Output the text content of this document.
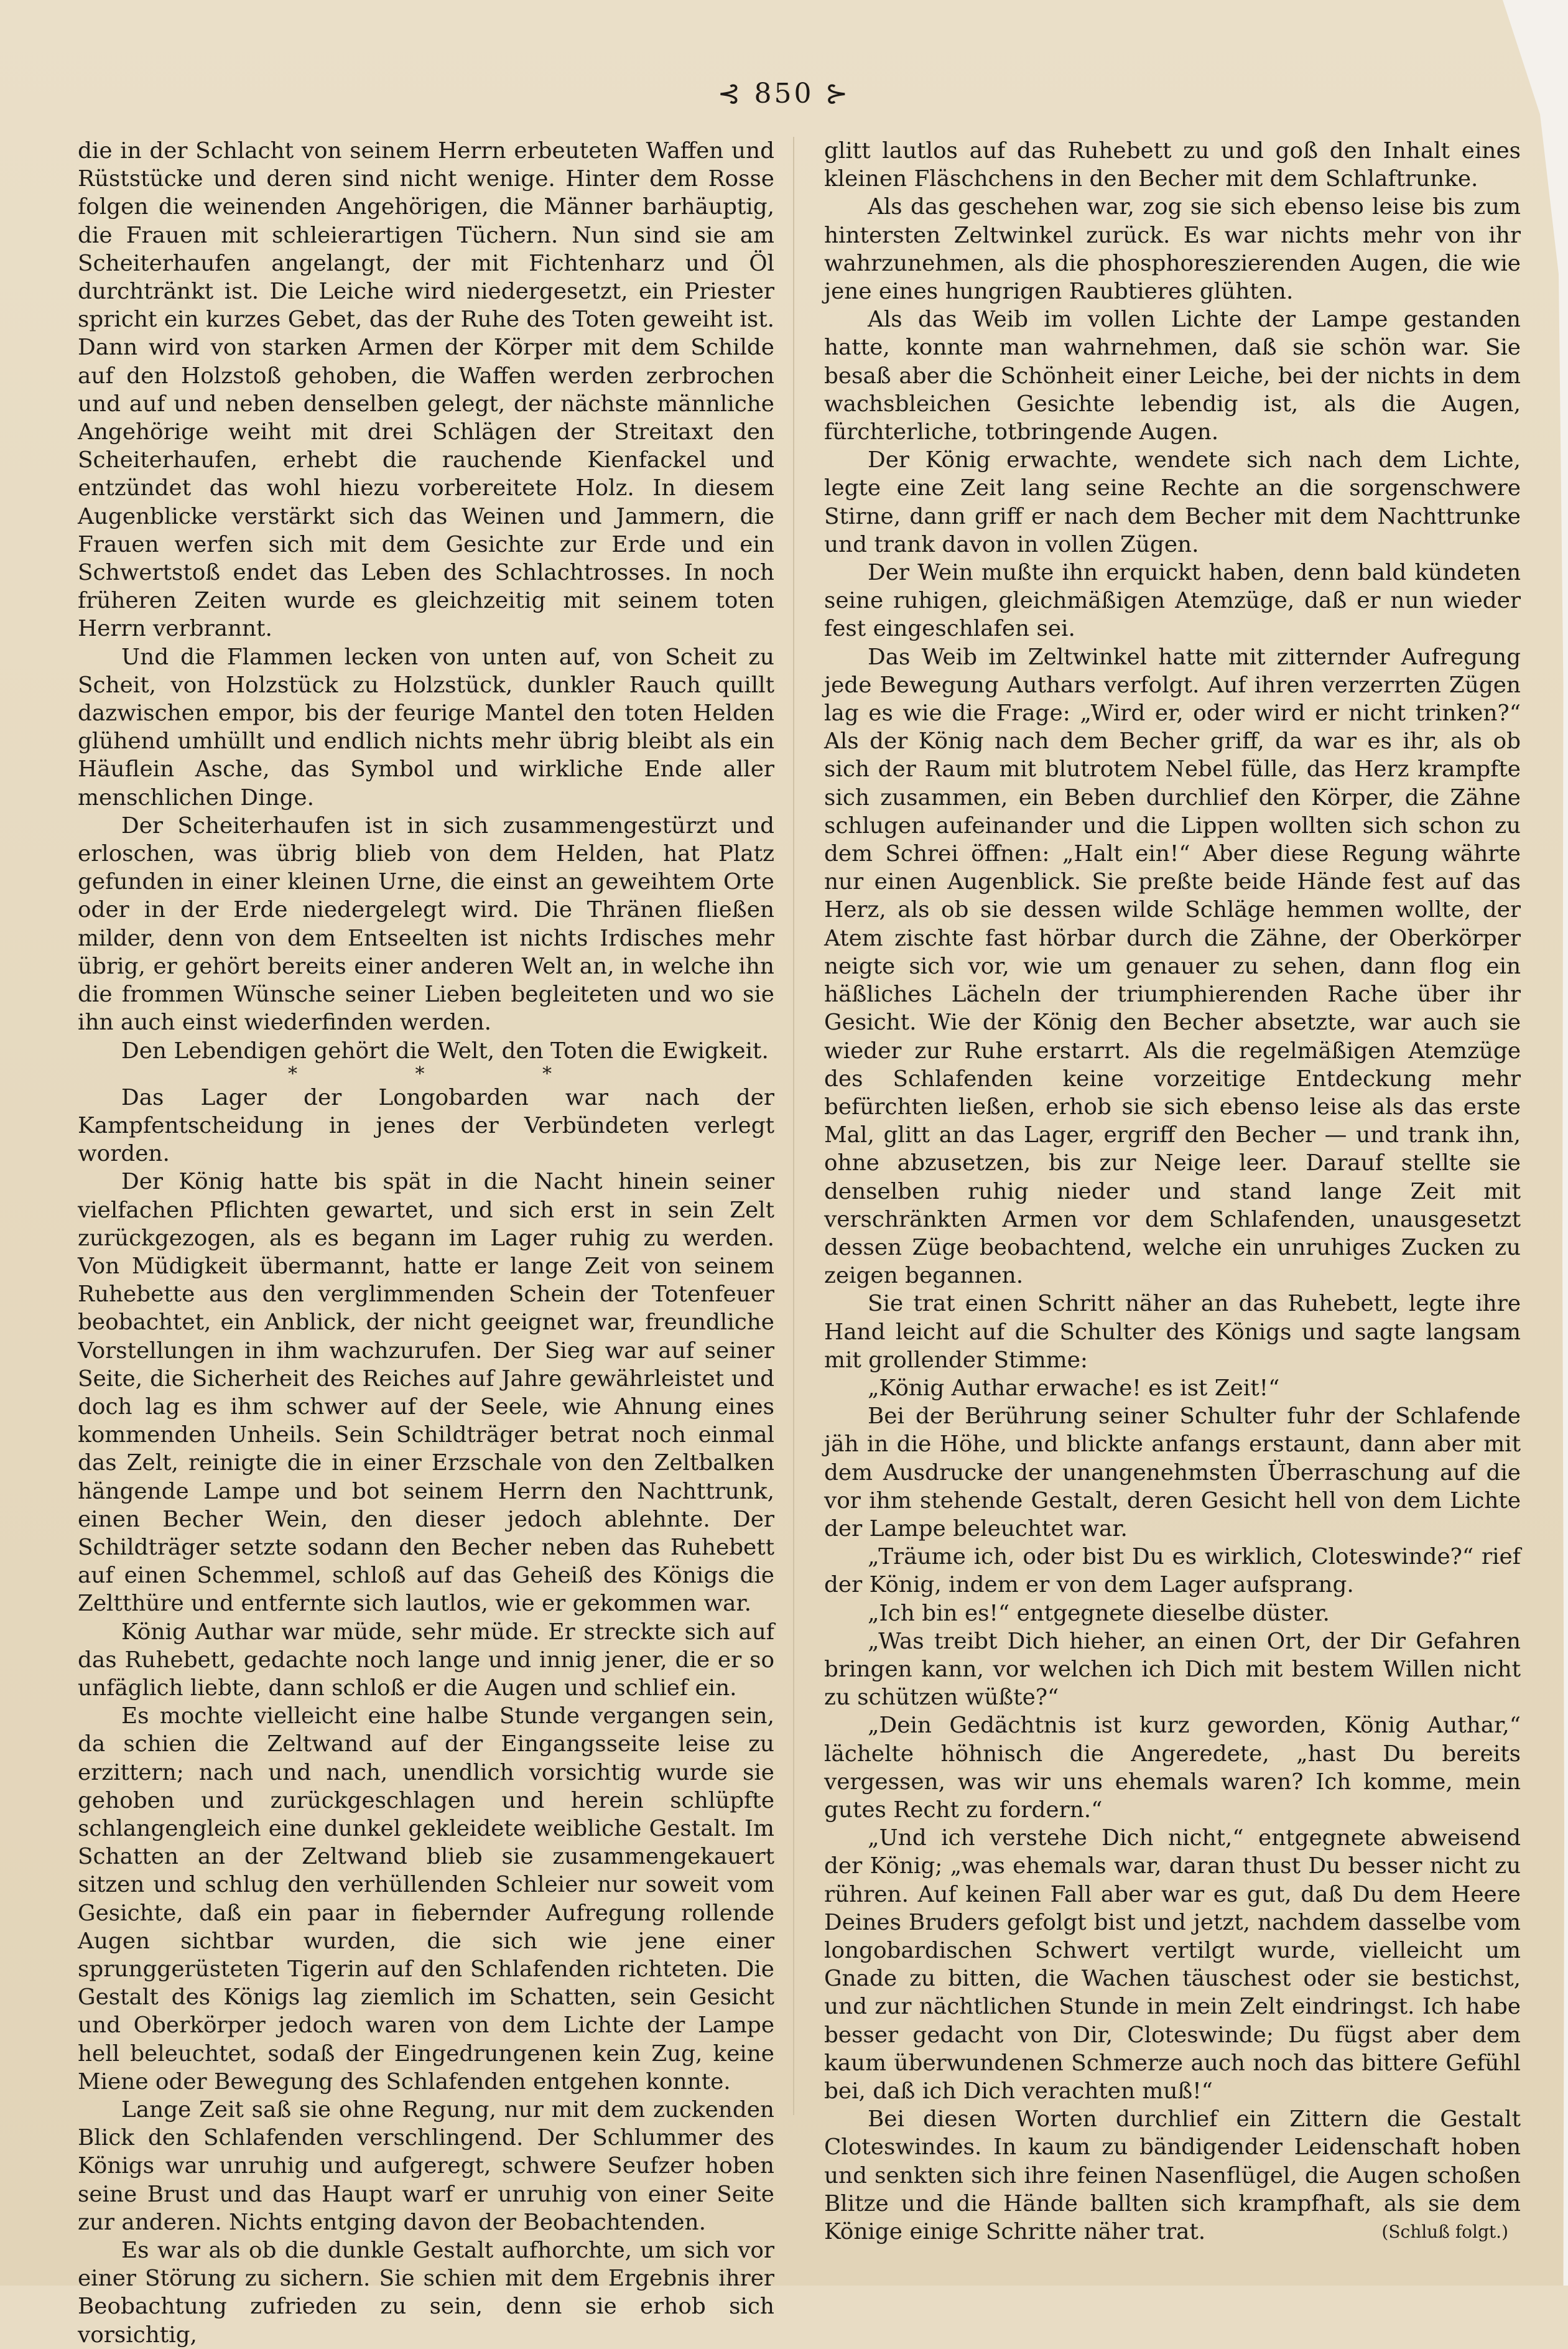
⊰ 850 ⊱

die in der Schlacht von seinem Herrn erbeuteten Waffen und Rüststücke und deren sind nicht wenige. Hinter dem Rosse folgen die weinenden Angehörigen, die Männer barhäuptig, die Frauen mit schleierartigen Tüchern. Nun sind sie am Scheiterhaufen angelangt, der mit Fichtenharz und Öl durchtränkt ist. Die Leiche wird niedergesetzt, ein Priester spricht ein kurzes Gebet, das der Ruhe des Toten geweiht ist. Dann wird von starken Armen der Körper mit dem Schilde auf den Holzstoß gehoben, die Waffen werden zerbrochen und auf und neben denselben gelegt, der nächste männliche Angehörige weiht mit drei Schlägen der Streitaxt den Scheiterhaufen, erhebt die rauchende Kienfackel und entzündet das wohl hiezu vorbereitete Holz. In diesem Augenblicke verstärkt sich das Weinen und Jammern, die Frauen werfen sich mit dem Gesichte zur Erde und ein Schwertstoß endet das Leben des Schlachtrosses. In noch früheren Zeiten wurde es gleichzeitig mit seinem toten Herrn verbrannt.

Und die Flammen lecken von unten auf, von Scheit zu Scheit, von Holzstück zu Holzstück, dunkler Rauch quillt dazwischen empor, bis der feurige Mantel den toten Helden glühend umhüllt und endlich nichts mehr übrig bleibt als ein Häuflein Asche, das Symbol und wirkliche Ende aller menschlichen Dinge.

Der Scheiterhaufen ist in sich zusammengestürzt und erloschen, was übrig blieb von dem Helden, hat Platz gefunden in einer kleinen Urne, die einst an geweihtem Orte oder in der Erde niedergelegt wird. Die Thränen fließen milder, denn von dem Entseelten ist nichts Irdisches mehr übrig, er gehört bereits einer anderen Welt an, in welche ihn die frommen Wünsche seiner Lieben begleiteten und wo sie ihn auch einst wiederfinden werden.

Den Lebendigen gehört die Welt, den Toten die Ewigkeit.

* * *

Das Lager der Longobarden war nach der Kampfentscheidung in jenes der Verbündeten verlegt worden.

Der König hatte bis spät in die Nacht hinein seiner vielfachen Pflichten gewartet, und sich erst in sein Zelt zurückgezogen, als es begann im Lager ruhig zu werden. Von Müdigkeit übermannt, hatte er lange Zeit von seinem Ruhebette aus den verglimmenden Schein der Totenfeuer beobachtet, ein Anblick, der nicht geeignet war, freundliche Vorstellungen in ihm wachzurufen. Der Sieg war auf seiner Seite, die Sicherheit des Reiches auf Jahre gewährleistet und doch lag es ihm schwer auf der Seele, wie Ahnung eines kommenden Unheils. Sein Schildträger betrat noch einmal das Zelt, reinigte die in einer Erzschale von den Zeltbalken hängende Lampe und bot seinem Herrn den Nachttrunk, einen Becher Wein, den dieser jedoch ablehnte. Der Schildträger setzte sodann den Becher neben das Ruhebett auf einen Schemmel, schloß auf das Geheiß des Königs die Zeltthüre und entfernte sich lautlos, wie er gekommen war.

König Authar war müde, sehr müde. Er streckte sich auf das Ruhebett, gedachte noch lange und innig jener, die er so unfäglich liebte, dann schloß er die Augen und schlief ein.

Es mochte vielleicht eine halbe Stunde vergangen sein, da schien die Zeltwand auf der Eingangsseite leise zu erzittern; nach und nach, unendlich vorsichtig wurde sie gehoben und zurückgeschlagen und herein schlüpfte schlangengleich eine dunkel gekleidete weibliche Gestalt. Im Schatten an der Zeltwand blieb sie zusammengekauert sitzen und schlug den verhüllenden Schleier nur soweit vom Gesichte, daß ein paar in fiebernder Aufregung rollende Augen sichtbar wurden, die sich wie jene einer sprunggerüsteten Tigerin auf den Schlafenden richteten. Die Gestalt des Königs lag ziemlich im Schatten, sein Gesicht und Oberkörper jedoch waren von dem Lichte der Lampe hell beleuchtet, sodaß der Eingedrungenen kein Zug, keine Miene oder Bewegung des Schlafenden entgehen konnte.

Lange Zeit saß sie ohne Regung, nur mit dem zuckenden Blick den Schlafenden verschlingend. Der Schlummer des Königs war unruhig und aufgeregt, schwere Seufzer hoben seine Brust und das Haupt warf er unruhig von einer Seite zur anderen. Nichts entging davon der Beobachtenden.

Es war als ob die dunkle Gestalt aufhorchte, um sich vor einer Störung zu sichern. Sie schien mit dem Ergebnis ihrer Beobachtung zufrieden zu sein, denn sie erhob sich vorsichtig,

glitt lautlos auf das Ruhebett zu und goß den Inhalt eines kleinen Fläschchens in den Becher mit dem Schlaftrunke.

Als das geschehen war, zog sie sich ebenso leise bis zum hintersten Zeltwinkel zurück. Es war nichts mehr von ihr wahrzunehmen, als die phosphoreszierenden Augen, die wie jene eines hungrigen Raubtieres glühten.

Als das Weib im vollen Lichte der Lampe gestanden hatte, konnte man wahrnehmen, daß sie schön war. Sie besaß aber die Schönheit einer Leiche, bei der nichts in dem wachsbleichen Gesichte lebendig ist, als die Augen, fürchterliche, totbringende Augen.

Der König erwachte, wendete sich nach dem Lichte, legte eine Zeit lang seine Rechte an die sorgenschwere Stirne, dann griff er nach dem Becher mit dem Nachttrunke und trank davon in vollen Zügen.

Der Wein mußte ihn erquickt haben, denn bald kündeten seine ruhigen, gleichmäßigen Atemzüge, daß er nun wieder fest eingeschlafen sei.

Das Weib im Zeltwinkel hatte mit zitternder Aufregung jede Bewegung Authars verfolgt. Auf ihren verzerrten Zügen lag es wie die Frage: „Wird er, oder wird er nicht trinken?“ Als der König nach dem Becher griff, da war es ihr, als ob sich der Raum mit blutrotem Nebel fülle, das Herz krampfte sich zusammen, ein Beben durchlief den Körper, die Zähne schlugen aufeinander und die Lippen wollten sich schon zu dem Schrei öffnen: „Halt ein!“ Aber diese Regung währte nur einen Augenblick. Sie preßte beide Hände fest auf das Herz, als ob sie dessen wilde Schläge hemmen wollte, der Atem zischte fast hörbar durch die Zähne, der Oberkörper neigte sich vor, wie um genauer zu sehen, dann flog ein häßliches Lächeln der triumphierenden Rache über ihr Gesicht. Wie der König den Becher absetzte, war auch sie wieder zur Ruhe erstarrt. Als die regelmäßigen Atemzüge des Schlafenden keine vorzeitige Entdeckung mehr befürchten ließen, erhob sie sich ebenso leise als das erste Mal, glitt an das Lager, ergriff den Becher — und trank ihn, ohne abzusetzen, bis zur Neige leer. Darauf stellte sie denselben ruhig nieder und stand lange Zeit mit verschränkten Armen vor dem Schlafenden, unausgesetzt dessen Züge beobachtend, welche ein unruhiges Zucken zu zeigen begannen.

Sie trat einen Schritt näher an das Ruhebett, legte ihre Hand leicht auf die Schulter des Königs und sagte langsam mit grollender Stimme:

„König Authar erwache! es ist Zeit!“

Bei der Berührung seiner Schulter fuhr der Schlafende jäh in die Höhe, und blickte anfangs erstaunt, dann aber mit dem Ausdrucke der unangenehmsten Überraschung auf die vor ihm stehende Gestalt, deren Gesicht hell von dem Lichte der Lampe beleuchtet war.

„Träume ich, oder bist Du es wirklich, Cloteswinde?“ rief der König, indem er von dem Lager aufsprang.

„Ich bin es!“ entgegnete dieselbe düster.

„Was treibt Dich hieher, an einen Ort, der Dir Gefahren bringen kann, vor welchen ich Dich mit bestem Willen nicht zu schützen wüßte?“

„Dein Gedächtnis ist kurz geworden, König Authar,“ lächelte höhnisch die Angeredete, „hast Du bereits vergessen, was wir uns ehemals waren? Ich komme, mein gutes Recht zu fordern.“

„Und ich verstehe Dich nicht,“ entgegnete abweisend der König; „was ehemals war, daran thust Du besser nicht zu rühren. Auf keinen Fall aber war es gut, daß Du dem Heere Deines Bruders gefolgt bist und jetzt, nachdem dasselbe vom longobardischen Schwert vertilgt wurde, vielleicht um Gnade zu bitten, die Wachen täuschest oder sie bestichst, und zur nächtlichen Stunde in mein Zelt eindringst. Ich habe besser gedacht von Dir, Cloteswinde; Du fügst aber dem kaum überwundenen Schmerze auch noch das bittere Gefühl bei, daß ich Dich verachten muß!“

Bei diesen Worten durchlief ein Zittern die Gestalt Cloteswindes. In kaum zu bändigender Leidenschaft hoben und senkten sich ihre feinen Nasenflügel, die Augen schoßen Blitze und die Hände ballten sich krampfhaft, als sie dem Könige einige Schritte näher trat.	(Schluß folgt.)
